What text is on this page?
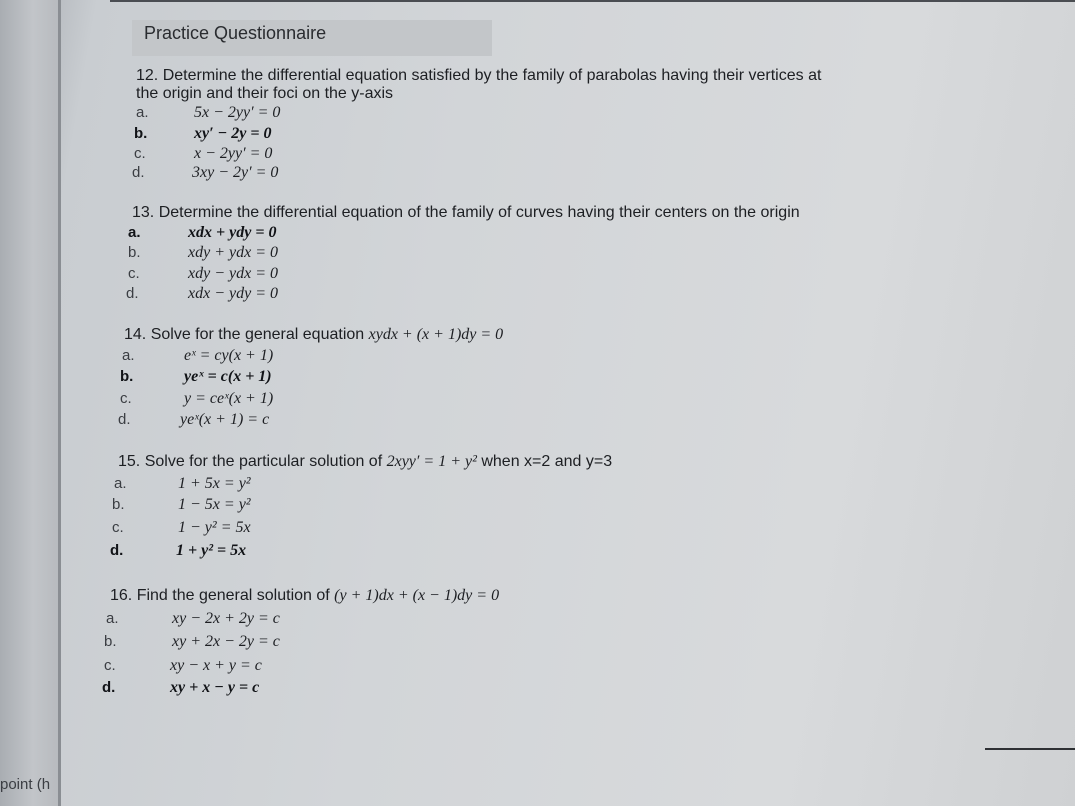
point (h
Practice Questionnaire
12. Determine the differential equation satisfied by the family of parabolas having their vertices at
the origin and their foci on the y-axis
a.	5x − 2yy′ = 0
b.	xy′ − 2y = 0
c.	x − 2yy′ = 0
d.	3xy − 2y′ = 0
13. Determine the differential equation of the family of curves having their centers on the origin
a.	xdx + ydy = 0
b.	xdy + ydx = 0
c.	xdy − ydx = 0
d.	xdx − ydy = 0
14. Solve for the general equation xydx + (x + 1)dy = 0
a.	eˣ = cy(x + 1)
b.	yeˣ = c(x + 1)
c.	y = ceˣ(x + 1)
d.	yeˣ(x + 1) = c
15. Solve for the particular solution of 2xyy′ = 1 + y² when x=2 and y=3
a.	1 + 5x = y²
b.	1 − 5x = y²
c.	1 − y² = 5x
d.	1 + y² = 5x
16. Find the general solution of (y + 1)dx + (x − 1)dy = 0
a.	xy − 2x + 2y = c
b.	xy + 2x − 2y = c
c.	xy − x + y = c
d.	xy + x − y = c
